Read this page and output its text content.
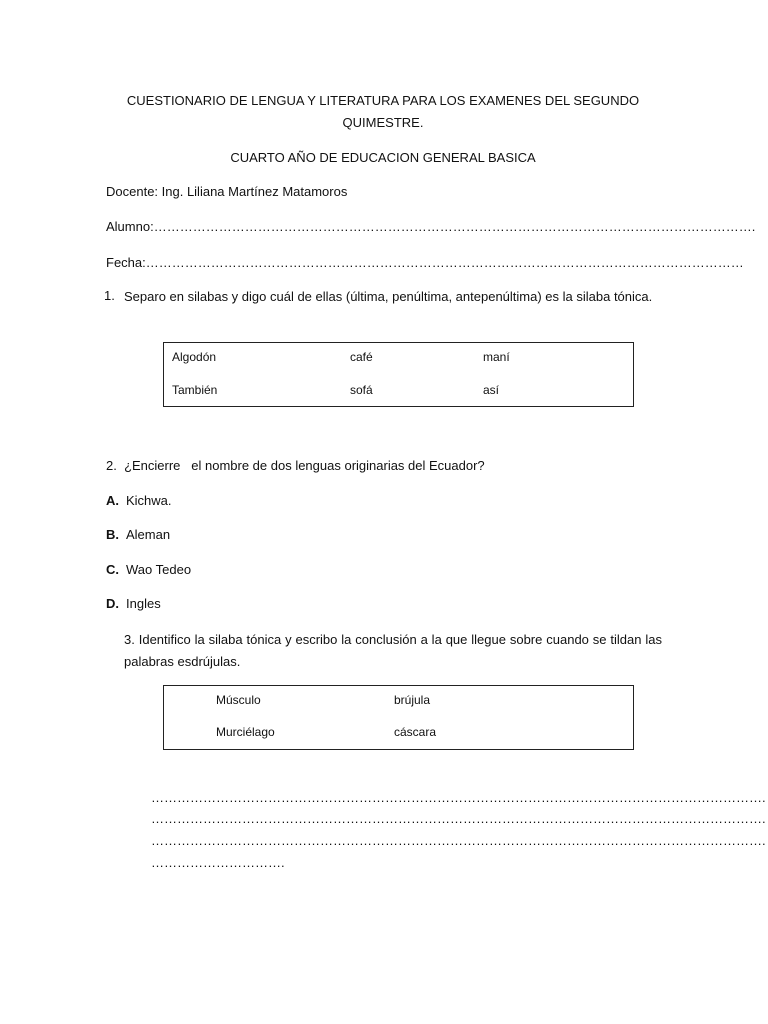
CUESTIONARIO DE LENGUA Y LITERATURA PARA LOS EXAMENES DEL SEGUNDO
QUIMESTRE.
CUARTO AÑO DE EDUCACION GENERAL BASICA
Docente: Ing. Liliana Martínez Matamoros
Alumno:………………………………………………………………………………………………………………………….
Fecha:…………………………………………………………………………………………………………………………
1. Separo en silabas y digo cuál de ellas (última, penúltima, antepenúltima) es la silaba tónica.
Algodón	café	maní
También	sofá	así
2.  ¿Encierre   el nombre de dos lenguas originarias del Ecuador?
A. Kichwa.
B. Aleman
C. Wao Tedeo
D. Ingles
3. Identifico la silaba tónica y escribo la conclusión a la que llegue sobre cuando se tildan las palabras esdrújulas.
Músculo	brújula
Murciélago	cáscara
…………………………………………………………………………………………………………………………….
…………………………………………………………………………………………………………………………….
…………………………………………………………………………………………………………………………….
………………………….
